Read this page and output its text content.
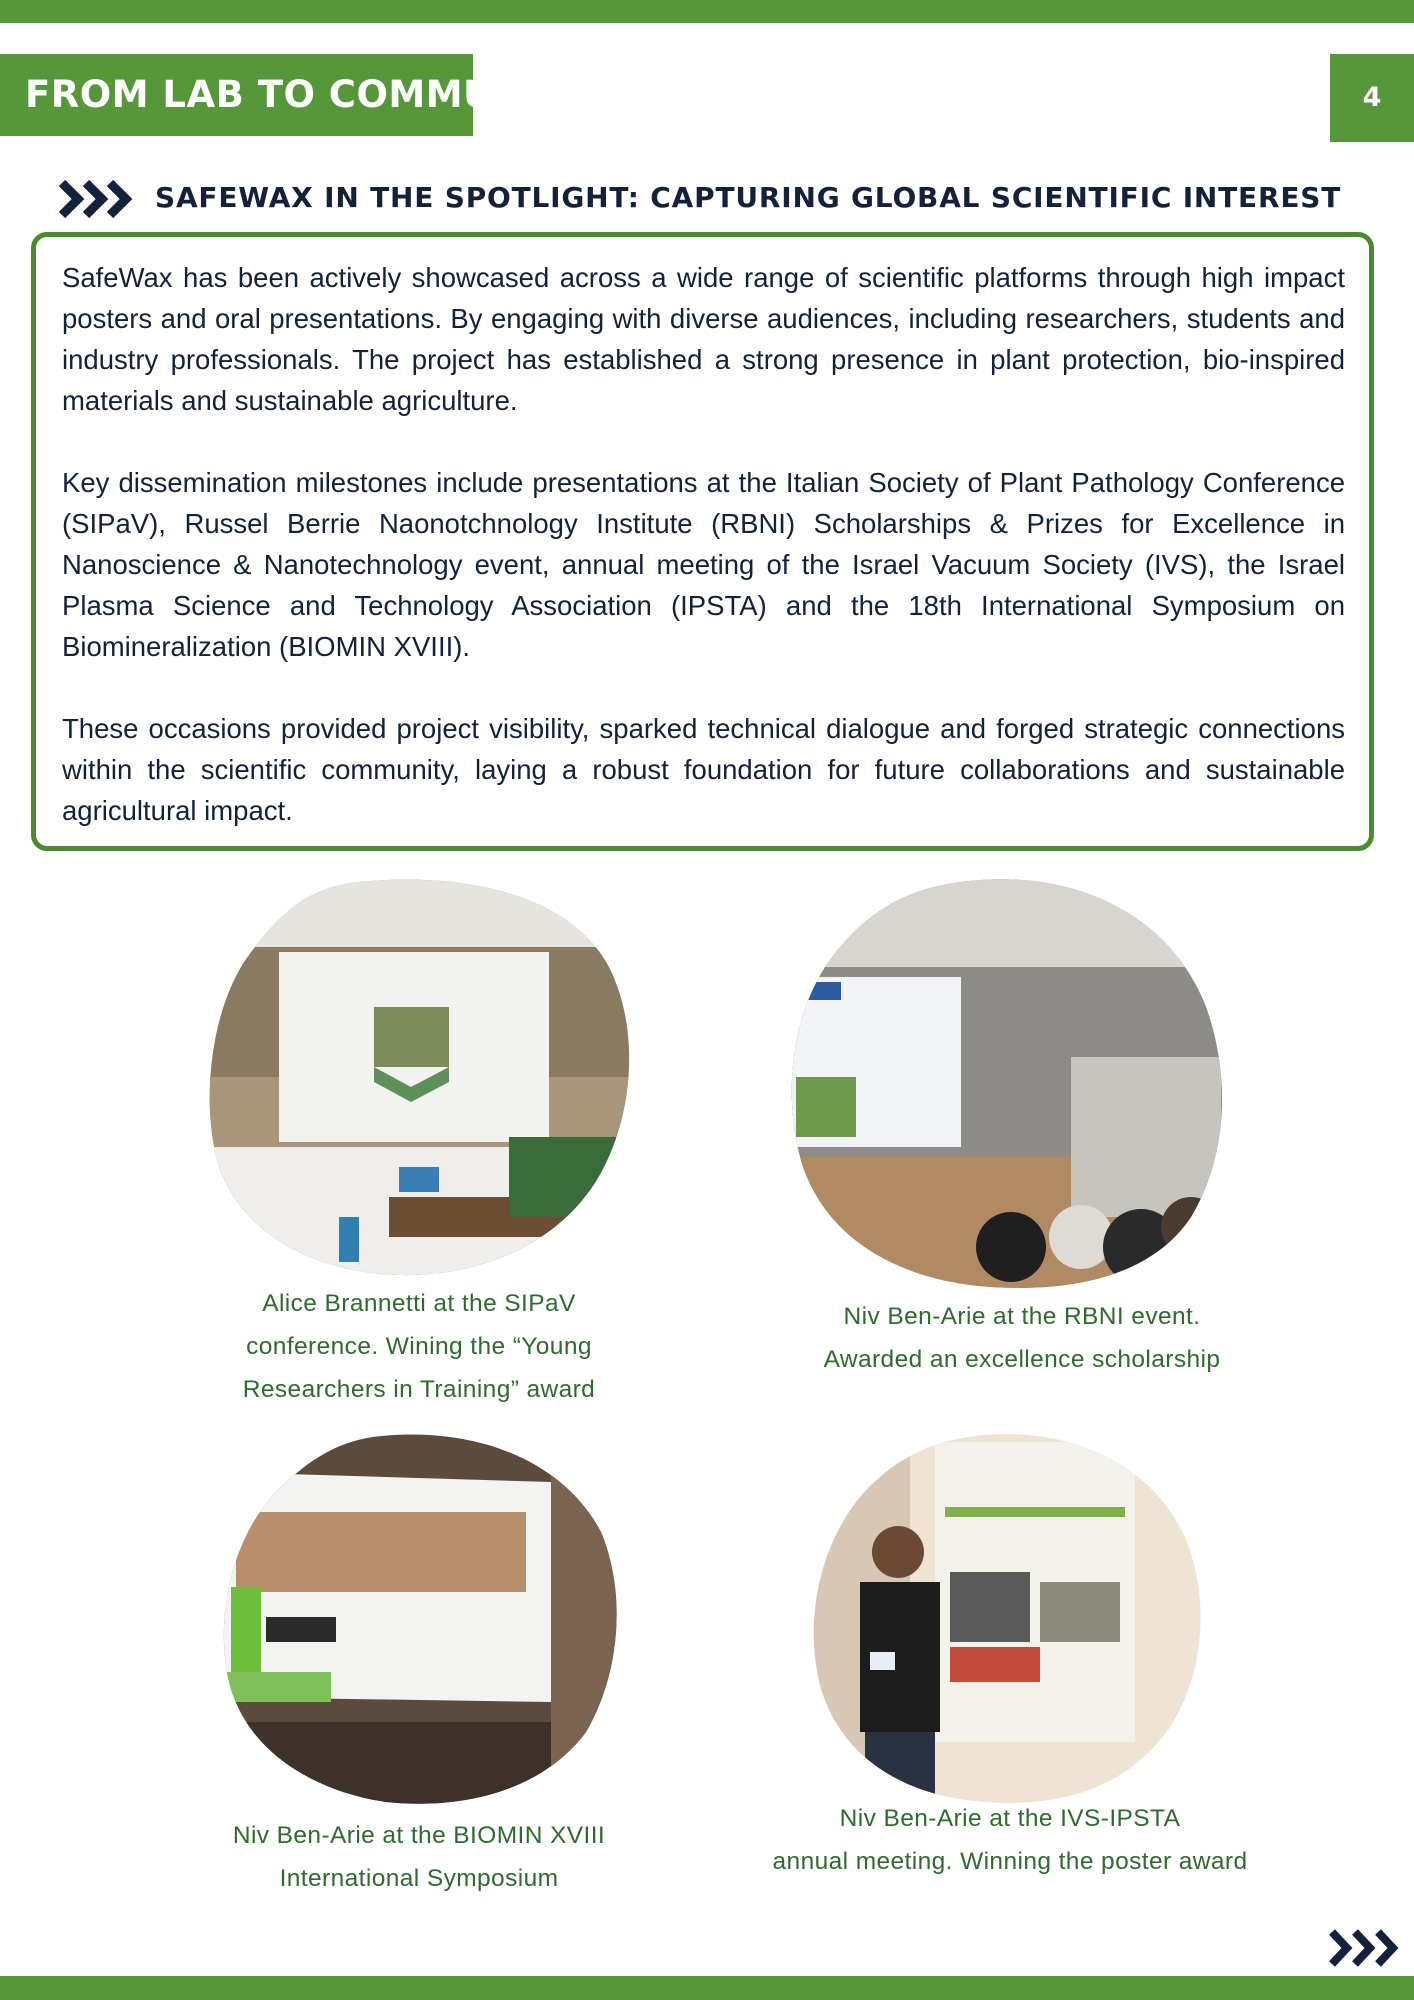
FROM LAB TO COMMUNITY	4
SAFEWAX IN THE SPOTLIGHT: CAPTURING GLOBAL SCIENTIFIC INTEREST

SafeWax has been actively showcased across a wide range of scientific platforms through high impact posters and oral presentations. By engaging with diverse audiences, including researchers, students and industry professionals. The project has established a strong presence in plant protection, bio-inspired materials and sustainable agriculture.

Key dissemination milestones include presentations at the Italian Society of Plant Pathology Conference (SIPaV), Russel Berrie Naonotchnology Institute (RBNI) Scholarships & Prizes for Excellence in Nanoscience & Nanotechnology event, annual meeting of the Israel Vacuum Society (IVS), the Israel Plasma Science and Technology Association (IPSTA) and the 18th International Symposium on Biomineralization (BIOMIN XVIII).

These occasions provided project visibility, sparked technical dialogue and forged strategic connections within the scientific community, laying a robust foundation for future collaborations and sustainable agricultural impact.

Alice Brannetti at the SIPaV
conference. Wining the “Young
Researchers in Training” award
Niv Ben-Arie at the RBNI event.
Awarded an excellence scholarship
Niv Ben-Arie at the BIOMIN XVIII
International Symposium
Niv Ben-Arie at the IVS-IPSTA
annual meeting. Winning the poster award
